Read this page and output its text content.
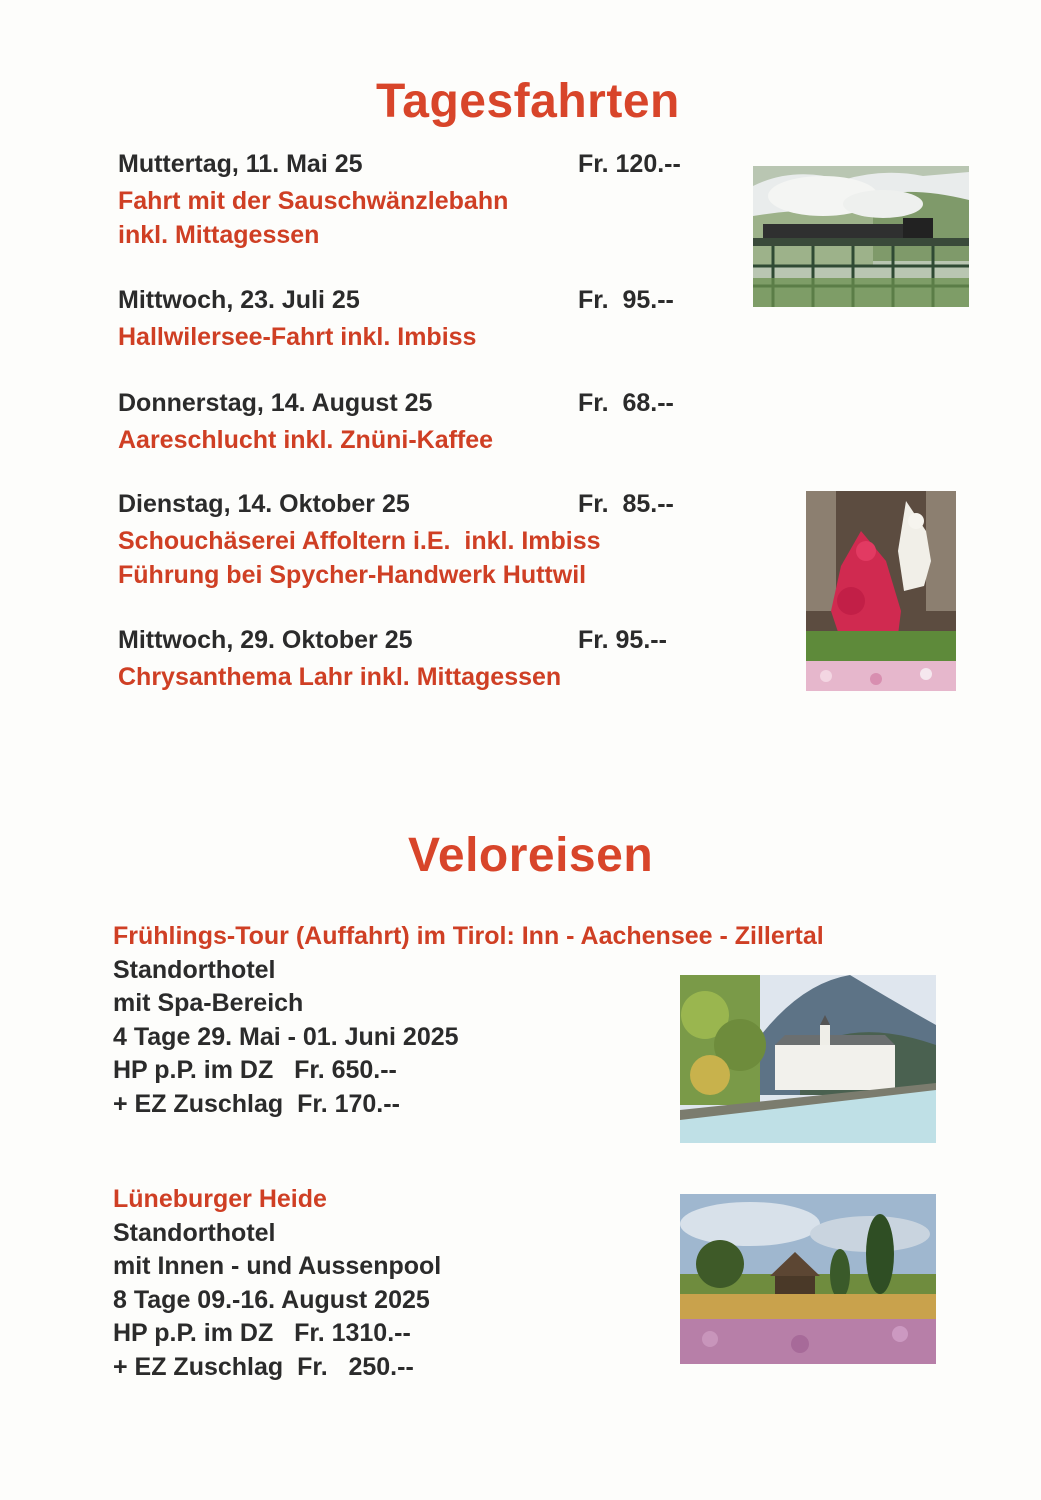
Tagesfahrten
Muttertag, 11. Mai 25	Fr. 120.--
Fahrt mit der Sauschwänzlebahn
inkl. Mittagessen
Mittwoch, 23. Juli 25	Fr.  95.--
Hallwilersee-Fahrt inkl. Imbiss
Donnerstag, 14. August 25	Fr.  68.--
Aareschlucht inkl. Znüni-Kaffee
Dienstag, 14. Oktober 25	Fr.  85.--
Schouchäserei Affoltern i.E.  inkl. Imbiss
Führung bei Spycher-Handwerk Huttwil
Mittwoch, 29. Oktober 25	Fr. 95.--
Chrysanthema Lahr inkl. Mittagessen
Veloreisen
Frühlings-Tour (Auffahrt) im Tirol: Inn - Aachensee - Zillertal
Standorthotel
mit Spa-Bereich
4 Tage 29. Mai - 01. Juni 2025
HP p.P. im DZ   Fr. 650.--
+ EZ Zuschlag  Fr. 170.--
Lüneburger Heide
Standorthotel
mit Innen - und Aussenpool
8 Tage 09.-16. August 2025
HP p.P. im DZ   Fr. 1310.--
+ EZ Zuschlag  Fr.   250.--
